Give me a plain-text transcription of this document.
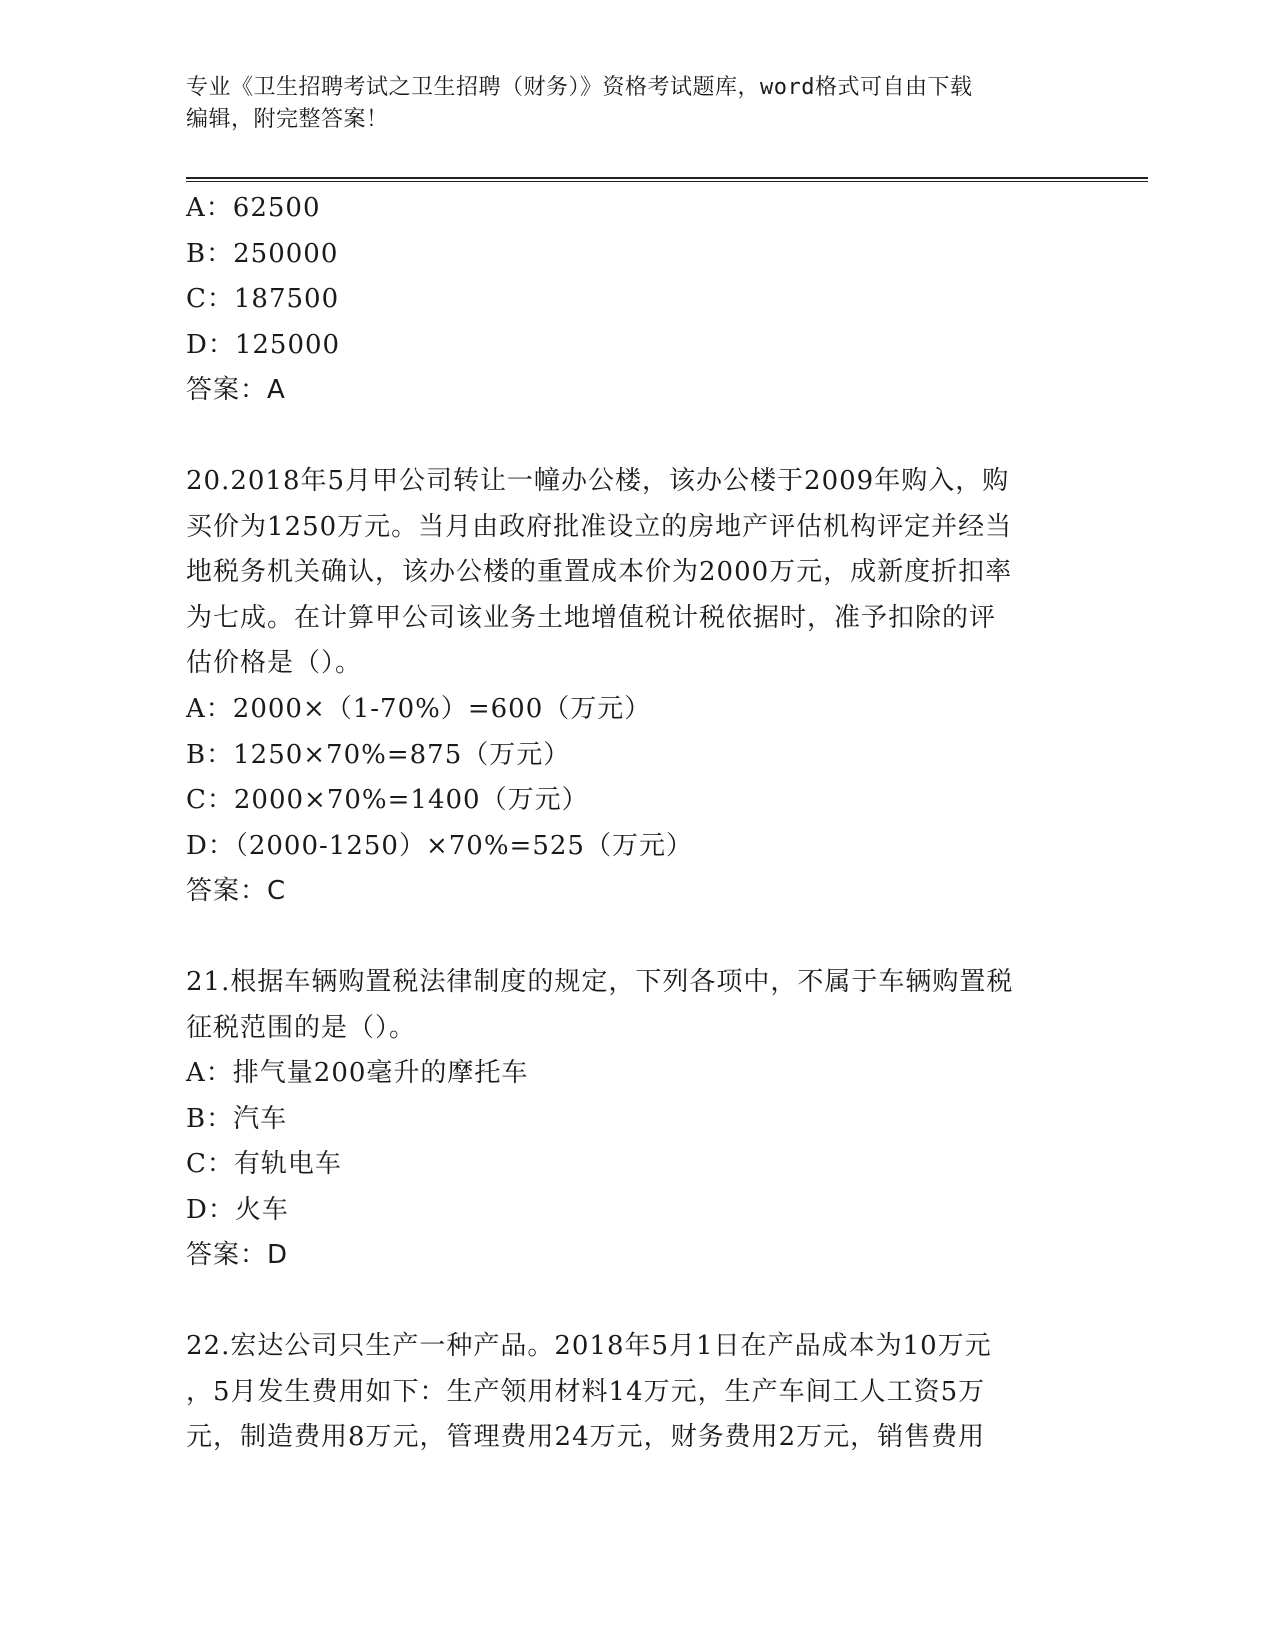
专业《卫生招聘考试之卫生招聘（财务）》资格考试题库，word格式可自由下载
编辑，附完整答案！
A：62500
B：250000
C：187500
D：125000
答案：A
20.2018年5月甲公司转让一幢办公楼，该办公楼于2009年购入，购
买价为1250万元。当月由政府批准设立的房地产评估机构评定并经当
地税务机关确认，该办公楼的重置成本价为2000万元，成新度折扣率
为七成。在计算甲公司该业务土地增值税计税依据时，准予扣除的评
估价格是（）。
A：2000×（1-70%）=600（万元）
B：1250×70%=875（万元）
C：2000×70%=1400（万元）
D：（2000-1250）×70%=525（万元）
答案：C
21.根据车辆购置税法律制度的规定，下列各项中，不属于车辆购置税
征税范围的是（）。
A：排气量200毫升的摩托车
B：汽车
C：有轨电车
D：火车
答案：D
22.宏达公司只生产一种产品。2018年5月1日在产品成本为10万元
，5月发生费用如下：生产领用材料14万元，生产车间工人工资5万
元，制造费用8万元，管理费用24万元，财务费用2万元，销售费用
